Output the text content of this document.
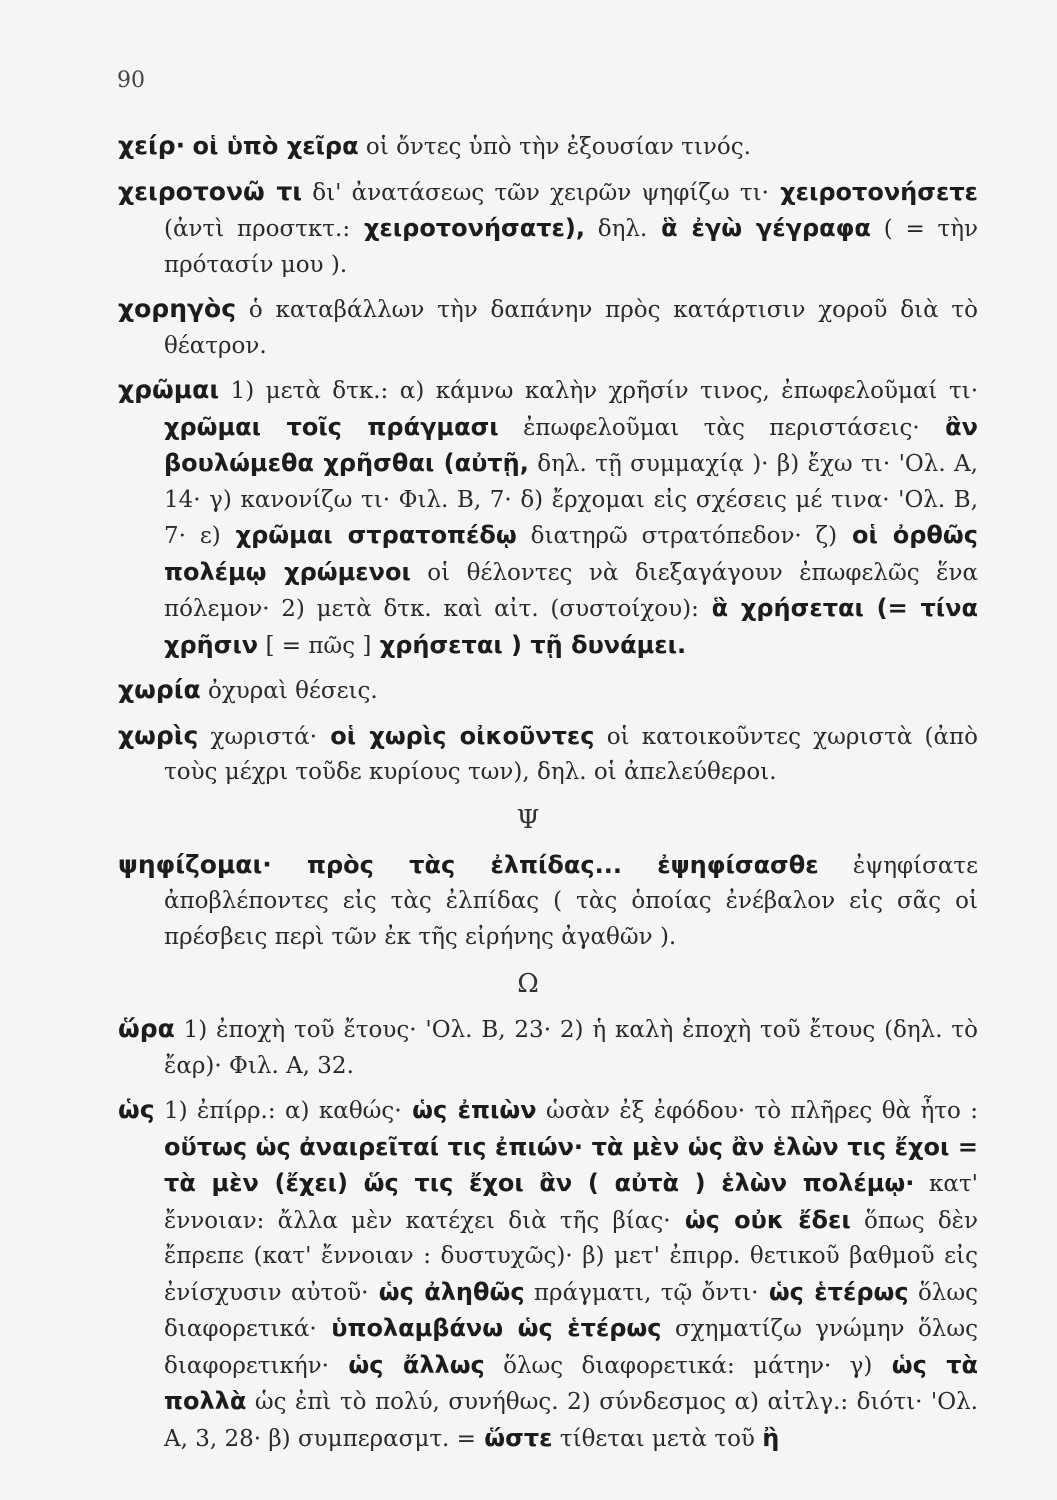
90

χείρ· οἱ ὑπὸ χεῖρα οἱ ὄντες ὑπὸ τὴν ἐξουσίαν τινός.

χειροτονῶ τι δι' ἀνατάσεως τῶν χειρῶν ψηφίζω τι· χειροτονήσετε (ἀντὶ προστκτ.: χειροτονήσατε), δηλ. ἃ ἐγὼ γέγραφα ( = τὴν πρότασίν μου ).

χορηγὸς ὁ καταβάλλων τὴν δαπάνην πρὸς κατάρτισιν χοροῦ διὰ τὸ θέατρον.

χρῶμαι 1) μετὰ δτκ.: α) κάμνω καλὴν χρῆσίν τινος, ἐπωφελοῦμαί τι· χρῶμαι τοῖς πράγμασι ἐπωφελοῦμαι τὰς περιστάσεις· ἂν βουλώμεθα χρῆσθαι (αὐτῇ, δηλ. τῇ συμμαχίᾳ )· β) ἔχω τι· 'Ολ. Α, 14· γ) κανονίζω τι· Φιλ. Β, 7· δ) ἔρχομαι εἰς σχέσεις μέ τινα· 'Ολ. Β, 7· ε) χρῶμαι στρατοπέδῳ διατηρῶ στρατόπεδον· ζ) οἱ ὀρθῶς πολέμῳ χρώμενοι οἱ θέλοντες νὰ διεξαγάγουν ἐπωφελῶς ἕνα πόλεμον· 2) μετὰ δτκ. καὶ αἰτ. (συστοίχου): ἃ χρήσεται (= τίνα χρῆσιν [ = πῶς ] χρήσεται ) τῇ δυνάμει.

χωρία ὀχυραὶ θέσεις.

χωρὶς χωριστά· οἱ χωρὶς οἰκοῦντες οἱ κατοικοῦντες χωριστὰ (ἀπὸ τοὺς μέχρι τοῦδε κυρίους των), δηλ. οἱ ἀπελεύθεροι.

Ψ

ψηφίζομαι· πρὸς τὰς ἐλπίδας... ἐψηφίσασθε ἐψηφίσατε ἀποβλέποντες εἰς τὰς ἐλπίδας ( τὰς ὁποίας ἐνέβαλον εἰς σᾶς οἱ πρέσβεις περὶ τῶν ἐκ τῆς εἰρήνης ἀγαθῶν ).

Ω

ὥρα 1) ἐποχὴ τοῦ ἔτους· 'Ολ. Β, 23· 2) ἡ καλὴ ἐποχὴ τοῦ ἔτους (δηλ. τὸ ἔαρ)· Φιλ. Α, 32.

ὡς 1) ἐπίρρ.: α) καθώς· ὡς ἐπιὼν ὡσὰν ἐξ ἐφόδου· τὸ πλῆρες θὰ ἦτο : οὕτως ὡς ἀναιρεῖταί τις ἐπιών· τὰ μὲν ὡς ἂν ἑλὼν τις ἔχοι = τὰ μὲν (ἔχει) ὥς τις ἔχοι ἂν ( αὐτὰ ) ἑλὼν πολέμῳ· κατ' ἔννοιαν: ἄλλα μὲν κατέχει διὰ τῆς βίας· ὡς οὐκ ἔδει ὅπως δὲν ἔπρεπε (κατ' ἔννοιαν : δυστυχῶς)· β) μετ' ἐπιρρ. θετικοῦ βαθμοῦ εἰς ἐνίσχυσιν αὐτοῦ· ὡς ἀληθῶς πράγματι, τῷ ὄντι· ὡς ἑτέρως ὅλως διαφορετικά· ὑπολαμβάνω ὡς ἑτέρως σχηματίζω γνώμην ὅλως διαφορετικήν· ὡς ἄλλως ὅλως διαφορετικά: μάτην· γ) ὡς τὰ πολλὰ ὡς ἐπὶ τὸ πολύ, συνήθως. 2) σύνδεσμος α) αἰτλγ.: διότι· 'Ολ. Α, 3, 28· β) συμπερασμτ. = ὥστε τίθεται μετὰ τοῦ ἢ
